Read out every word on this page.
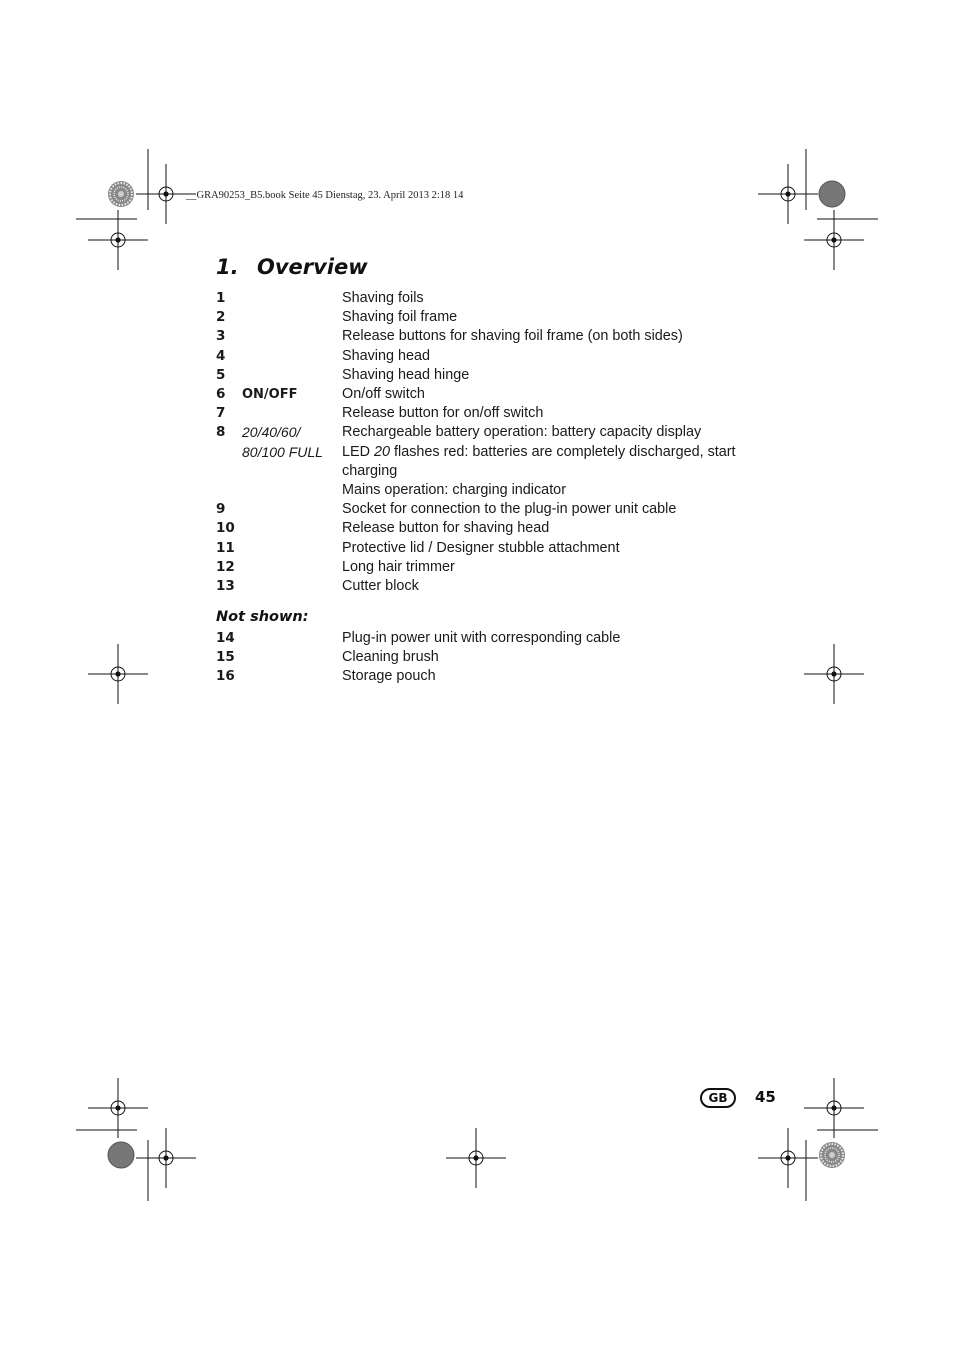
__GRA90253_B5.book Seite 45 Dienstag, 23. April 2013 2:18 14
1. Overview
1	Shaving foils
2	Shaving foil frame
3	Release buttons for shaving foil frame (on both sides)
4	Shaving head
5	Shaving head hinge
6	ON/OFF	On/off switch
7	Release button for on/off switch
8	20/40/60/	Rechargeable battery operation: battery capacity display
80/100 FULL	LED 20 flashes red: batteries are completely discharged, start
charging
Mains operation: charging indicator
9	Socket for connection to the plug-in power unit cable
10	Release button for shaving head
11	Protective lid / Designer stubble attachment
12	Long hair trimmer
13	Cutter block
Not shown:
14	Plug-in power unit with corresponding cable
15	Cleaning brush
16	Storage pouch
GB	45
